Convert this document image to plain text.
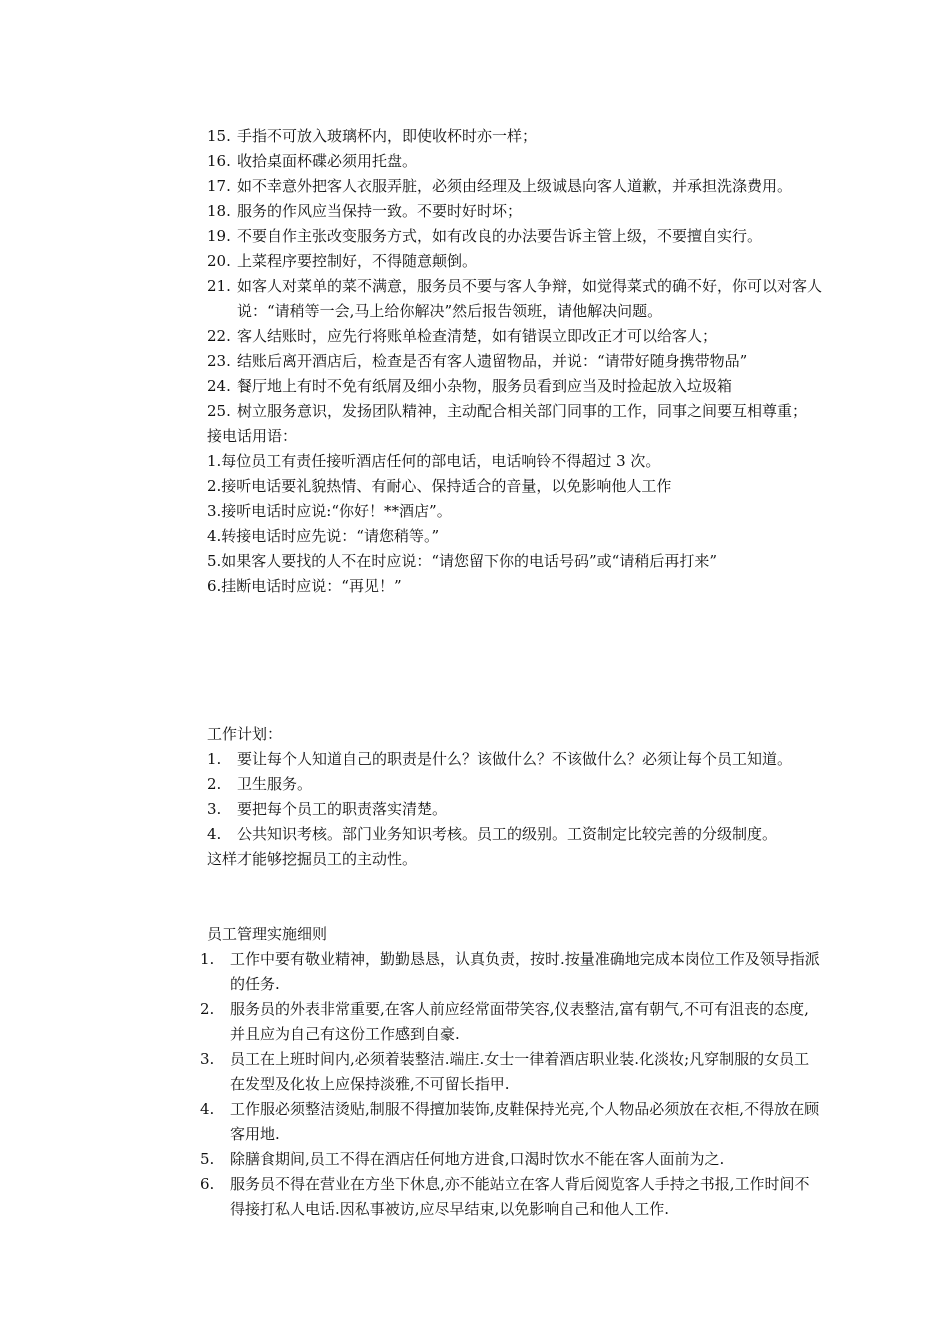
15. 手指不可放入玻璃杯内，即使收杯时亦一样；
16. 收拾桌面杯碟必须用托盘。
17. 如不幸意外把客人衣服弄脏，必须由经理及上级诚恳向客人道歉，并承担洗涤费用。
18. 服务的作风应当保持一致。不要时好时坏；
19. 不要自作主张改变服务方式，如有改良的办法要告诉主管上级，不要擅自实行。
20. 上菜程序要控制好，不得随意颠倒。
21. 如客人对菜单的菜不满意，服务员不要与客人争辩，如觉得菜式的确不好，你可以对客人说：“请稍等一会,马上给你解决”然后报告领班，请他解决问题。
22. 客人结账时，应先行将账单检查清楚，如有错误立即改正才可以给客人；
23. 结账后离开酒店后，检查是否有客人遗留物品，并说：“请带好随身携带物品”
24. 餐厅地上有时不免有纸屑及细小杂物，服务员看到应当及时捡起放入垃圾箱
25. 树立服务意识，发扬团队精神，主动配合相关部门同事的工作，同事之间要互相尊重；
接电话用语：
1.每位员工有责任接听酒店任何的部电话，电话响铃不得超过 3 次。
2.接听电话要礼貌热情、有耐心、保持适合的音量，以免影响他人工作
3.接听电话时应说:“你好！**酒店”。
4.转接电话时应先说：“请您稍等。”
5.如果客人要找的人不在时应说：“请您留下你的电话号码”或“请稍后再打来”
6.挂断电话时应说：“再见！”
工作计划：
1.	要让每个人知道自己的职责是什么？该做什么？不该做什么？必须让每个员工知道。
2.	卫生服务。
3.	要把每个员工的职责落实清楚。
4.	公共知识考核。部门业务知识考核。员工的级别。工资制定比较完善的分级制度。
这样才能够挖掘员工的主动性。
员工管理实施细则
1.	工作中要有敬业精神，勤勤恳恳，认真负责，按时.按量准确地完成本岗位工作及领导指派的任务.
2.	服务员的外表非常重要,在客人前应经常面带笑容,仪表整洁,富有朝气,不可有沮丧的态度,并且应为自己有这份工作感到自豪.
3.	员工在上班时间内,必须着装整洁.端庄.女士一律着酒店职业装.化淡妆;凡穿制服的女员工在发型及化妆上应保持淡雅,不可留长指甲.
4.	工作服必须整洁烫贴,制服不得擅加装饰,皮鞋保持光亮,个人物品必须放在衣柜,不得放在顾客用地.
5.	除膳食期间,员工不得在酒店任何地方进食,口渴时饮水不能在客人面前为之.
6.	服务员不得在营业在方坐下休息,亦不能站立在客人背后阅览客人手持之书报,工作时间不得接打私人电话.因私事被访,应尽早结束,以免影响自己和他人工作.
